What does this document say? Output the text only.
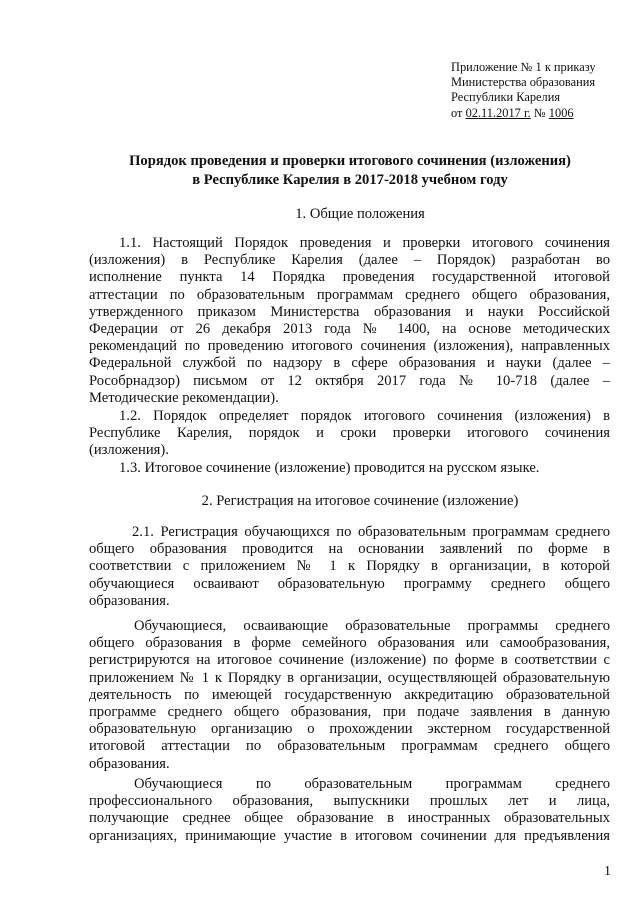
Приложение № 1 к приказу
Министерства образования
Республики Карелия
от 02.11.2017 г. № 1006
Порядок проведения и проверки итогового сочинения (изложения)
в Республике Карелия в 2017-2018 учебном году
1. Общие положения
1.1. Настоящий Порядок проведения и проверки итогового сочинения
(изложения) в Республике Карелия (далее – Порядок) разработан во
исполнение пункта 14 Порядка проведения государственной итоговой
аттестации по образовательным программам среднего общего образования,
утвержденного приказом Министерства образования и науки Российской
Федерации от 26 декабря 2013 года № 1400, на основе методических
рекомендаций по проведению итогового сочинения (изложения), направленных
Федеральной службой по надзору в сфере образования и науки (далее –
Рособрнадзор) письмом от 12 октября 2017 года № 10-718 (далее –
Методические рекомендации).
1.2. Порядок определяет порядок итогового сочинения (изложения) в
Республике Карелия, порядок и сроки проверки итогового сочинения
(изложения).
1.3. Итоговое сочинение (изложение) проводится на русском языке.
2. Регистрация на итоговое сочинение (изложение)
2.1. Регистрация обучающихся по образовательным программам среднего
общего образования проводится на основании заявлений по форме в
соответствии с приложением № 1 к Порядку в организации, в которой
обучающиеся осваивают образовательную программу среднего общего
образования.
Обучающиеся, осваивающие образовательные программы среднего
общего образования в форме семейного образования или самообразования,
регистрируются на итоговое сочинение (изложение) по форме в соответствии с
приложением № 1 к Порядку в организации, осуществляющей образовательную
деятельность по имеющей государственную аккредитацию образовательной
программе среднего общего образования, при подаче заявления в данную
образовательную организацию о прохождении экстерном государственной
итоговой аттестации по образовательным программам среднего общего
образования.
Обучающиеся по образовательным программам среднего
профессионального образования, выпускники прошлых лет и лица,
получающие среднее общее образование в иностранных образовательных
организациях, принимающие участие в итоговом сочинении для предъявления
1
